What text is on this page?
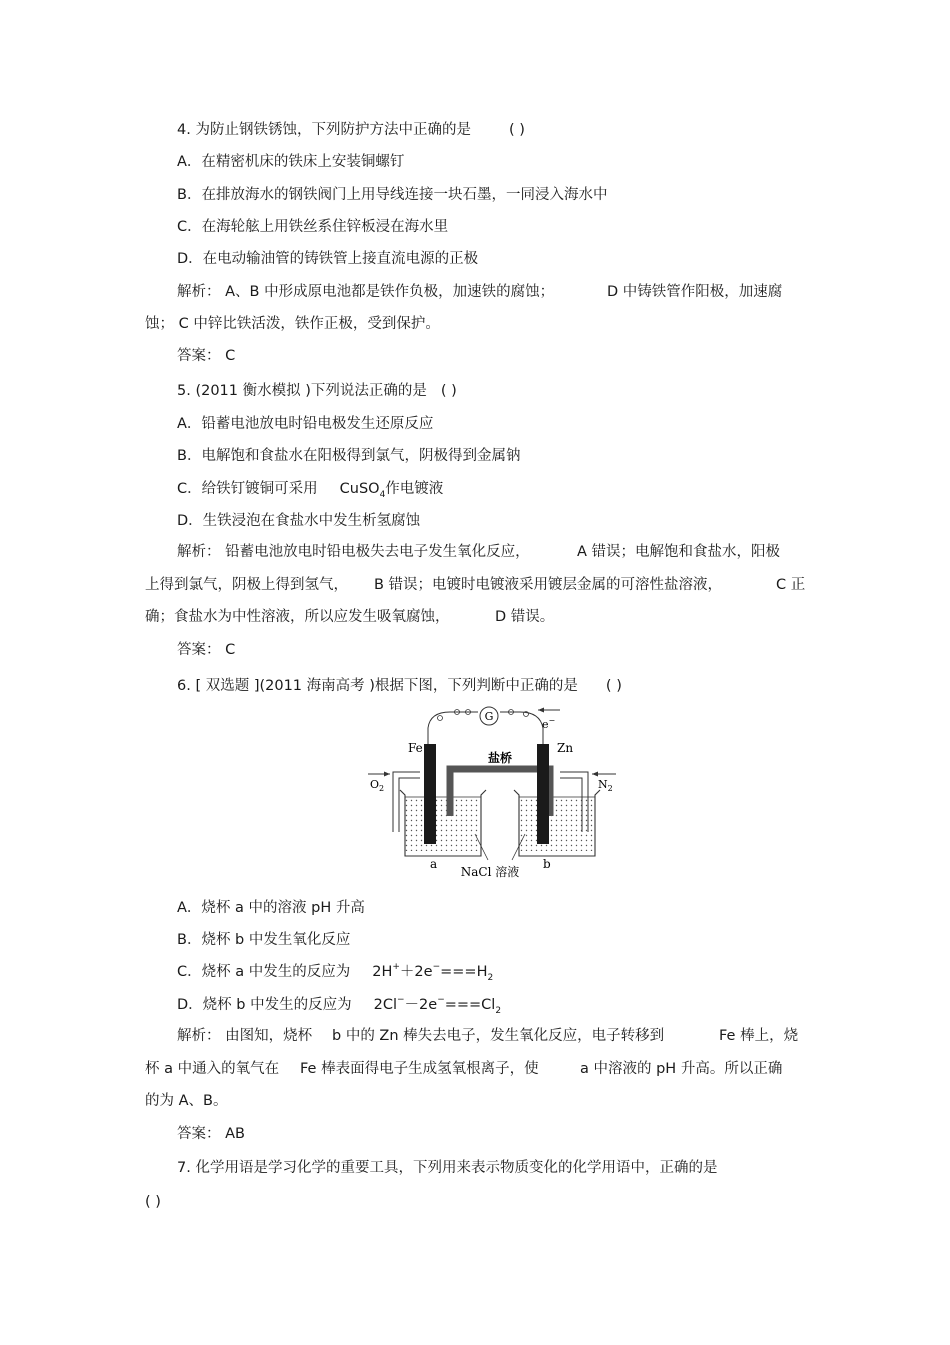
4. 为防止钢铁锈蚀，下列防护方法中正确的是	( )
A．在精密机床的铁床上安装铜螺钉
B．在排放海水的钢铁阀门上用导线连接一块石墨，一同浸入海水中
C．在海轮舷上用铁丝系住锌板浸在海水里
D．在电动输油管的铸铁管上接直流电源的正极
解析： A、B 中形成原电池都是铁作负极，加速铁的腐蚀；	D 中铸铁管作阳极，加速腐
蚀； C 中锌比铁活泼，铁作正极，受到保护。
答案： C
5. (2011 衡水模拟 )下列说法正确的是 ( )
A．铅蓄电池放电时铅电极发生还原反应
B．电解饱和食盐水在阳极得到氯气，阴极得到金属钠
C．给铁钉镀铜可采用 CuSO$_4$作电镀液
D．生铁浸泡在食盐水中发生析氢腐蚀
解析： 铅蓄电池放电时铅电极失去电子发生氧化反应，	A 错误；电解饱和食盐水，阳极
上得到氯气，阴极上得到氢气， B 错误；电镀时电镀液采用镀层金属的可溶性盐溶液，	C 正
确；食盐水为中性溶液，所以应发生吸氧腐蚀，	D 错误。
答案： C
6. [ 双选题 ](2011 海南高考 )根据下图，下列判断中正确的是 ( )
G
e−
盐桥
Fe	Zn
$O_2$	$N_2$
a	b
NaCl 溶液
A．烧杯 a 中的溶液 pH 升高
B．烧杯 b 中发生氧化反应
C．烧杯 a 中发生的反应为 $2H^++2e^-===H_2$
D．烧杯 b 中发生的反应为 $2Cl^--2e^-===Cl_2$
解析： 由图知，烧杯 b 中的 Zn 棒失去电子，发生氧化反应，电子转移到	Fe 棒上，烧
杯 a 中通入的氧气在 Fe 棒表面得电子生成氢氧根离子，使	a 中溶液的 pH 升高。所以正确
的为 A、B。
答案： AB
7. 化学用语是学习化学的重要工具，下列用来表示物质变化的化学用语中，正确的是
( )
